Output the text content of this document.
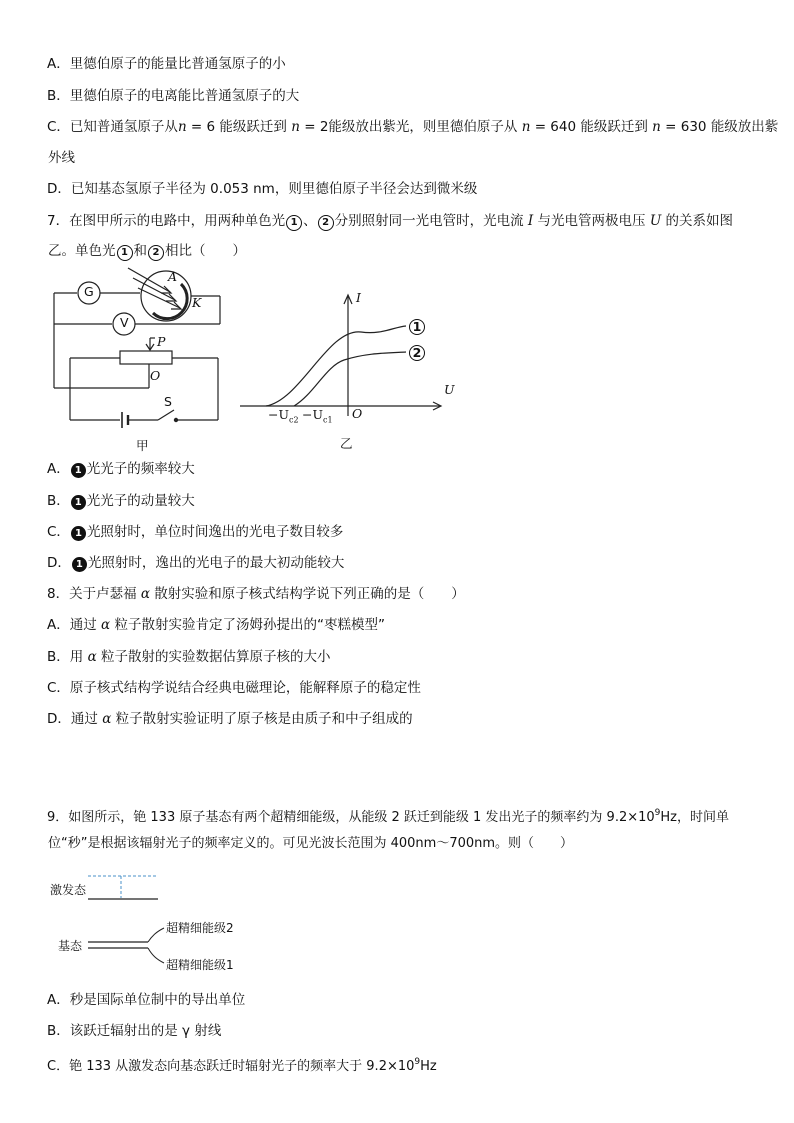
A．里德伯原子的能量比普通氢原子的小
B．里德伯原子的电离能比普通氢原子的大
C．已知普通氢原子从n = 6 能级跃迁到 n = 2能级放出紫光，则里德伯原子从 n = 640 能级跃迁到 n = 630 能级放出紫
外线
D．已知基态氢原子半径为 0.053 nm，则里德伯原子半径会达到微米级
7．在图甲所示的电路中，用两种单色光 1 、 2 分别照射同一光电管时，光电流 I 与光电管两极电压 U 的关系如图
乙。单色光 1 和 2 相比（　　）
G
V
A
K
P
O
S
甲
I
U
O
1
2
$-U_{c2} -U_{c1}$
乙
A． 1 光光子的频率较大
B． 1 光光子的动量较大
C． 1 光照射时，单位时间逸出的光电子数目较多
D． 1 光照射时，逸出的光电子的最大初动能较大
8．关于卢瑟福 α 散射实验和原子核式结构学说下列正确的是（　　）
A．通过 α 粒子散射实验肯定了汤姆孙提出的“枣糕模型”
B．用 α 粒子散射的实验数据估算原子核的大小
C．原子核式结构学说结合经典电磁理论，能解释原子的稳定性
D．通过 α 粒子散射实验证明了原子核是由质子和中子组成的
9．如图所示，铯 133 原子基态有两个超精细能级，从能级 2 跃迁到能级 1 发出光子的频率约为 $9.2\times 10^9Hz$，时间单
位“秒”是根据该辐射光子的频率定义的。可见光波长范围为 400nm～700nm。则（　　）
激发态
基态
超精细能级2
超精细能级1
A．秒是国际单位制中的导出单位
B．该跃迁辐射出的是 γ 射线
C．铯 133 从激发态向基态跃迁时辐射光子的频率大于 $9.2\times 10^9Hz$
